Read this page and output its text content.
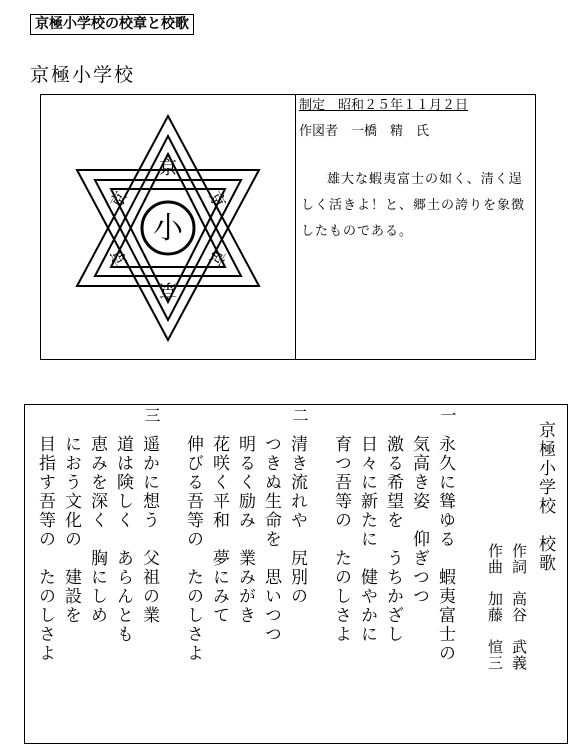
京極小学校の校章と校歌
京極小学校
小
京
京
京	京
京	京
制定　昭和２５年１１月２日
作図者　一橋　精　氏
雄大な蝦夷富士の如く、清く逞しく活きよ！と、郷土の誇りを象徴したものである。
京極小学校　校歌
作詞　高谷　武義
作曲　加藤　愃三
一
永久に聳ゆる　蝦夷富士の
気高き姿　仰ぎつつ
激る希望を　うちかざし
日々に新たに　健やかに
育つ吾等の　たのしさよ
二
清き流れや　尻別の
つきぬ生命を　思いつつ
明るく励み　業みがき
花咲く平和　夢にみて
伸びる吾等の　たのしさよ
三
遥かに想う　父祖の業
道は険しく　あらんとも
恵みを深く　胸にしめ
におう文化の　建設を
目指す吾等の　たのしさよ
